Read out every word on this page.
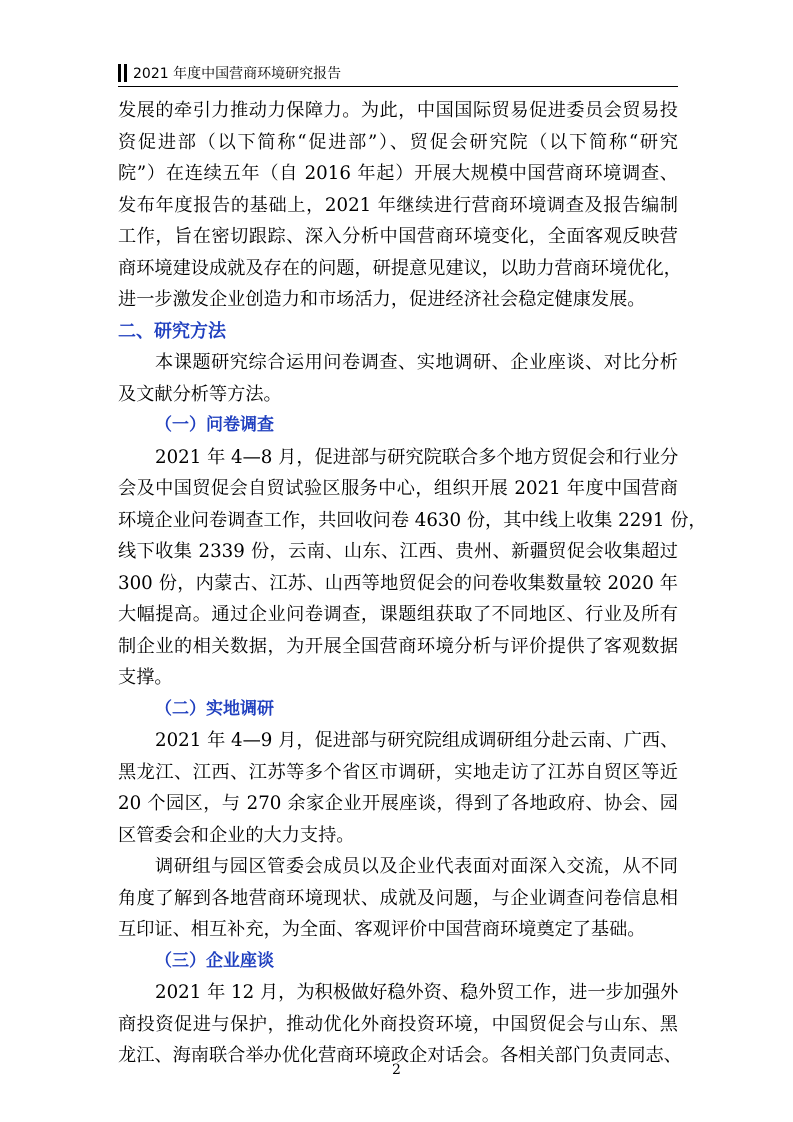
2021 年度中国营商环境研究报告

发展的牵引力推动力保障力。为此，中国国际贸易促进委员会贸易投

资促进部（以下简称“促进部”）、贸促会研究院（以下简称“研究

院”）在连续五年（自 2016 年起）开展大规模中国营商环境调查、

发布年度报告的基础上，2021 年继续进行营商环境调查及报告编制

工作，旨在密切跟踪、深入分析中国营商环境变化，全面客观反映营

商环境建设成就及存在的问题，研提意见建议，以助力营商环境优化，

进一步激发企业创造力和市场活力，促进经济社会稳定健康发展。

二、研究方法

本课题研究综合运用问卷调查、实地调研、企业座谈、对比分析

及文献分析等方法。

（一）问卷调查

2021 年 4—8 月，促进部与研究院联合多个地方贸促会和行业分

会及中国贸促会自贸试验区服务中心，组织开展 2021 年度中国营商

环境企业问卷调查工作，共回收问卷 4630 份，其中线上收集 2291 份，

线下收集 2339 份，云南、山东、江西、贵州、新疆贸促会收集超过

300 份，内蒙古、江苏、山西等地贸促会的问卷收集数量较 2020 年

大幅提高。通过企业问卷调查，课题组获取了不同地区、行业及所有

制企业的相关数据，为开展全国营商环境分析与评价提供了客观数据

支撑。

（二）实地调研

2021 年 4—9 月，促进部与研究院组成调研组分赴云南、广西、

黑龙江、江西、江苏等多个省区市调研，实地走访了江苏自贸区等近

20 个园区，与 270 余家企业开展座谈，得到了各地政府、协会、园

区管委会和企业的大力支持。

调研组与园区管委会成员以及企业代表面对面深入交流，从不同

角度了解到各地营商环境现状、成就及问题，与企业调查问卷信息相

互印证、相互补充，为全面、客观评价中国营商环境奠定了基础。

（三）企业座谈

2021 年 12 月，为积极做好稳外资、稳外贸工作，进一步加强外

商投资促进与保护，推动优化外商投资环境，中国贸促会与山东、黑

龙江、海南联合举办优化营商环境政企对话会。各相关部门负责同志、

2
